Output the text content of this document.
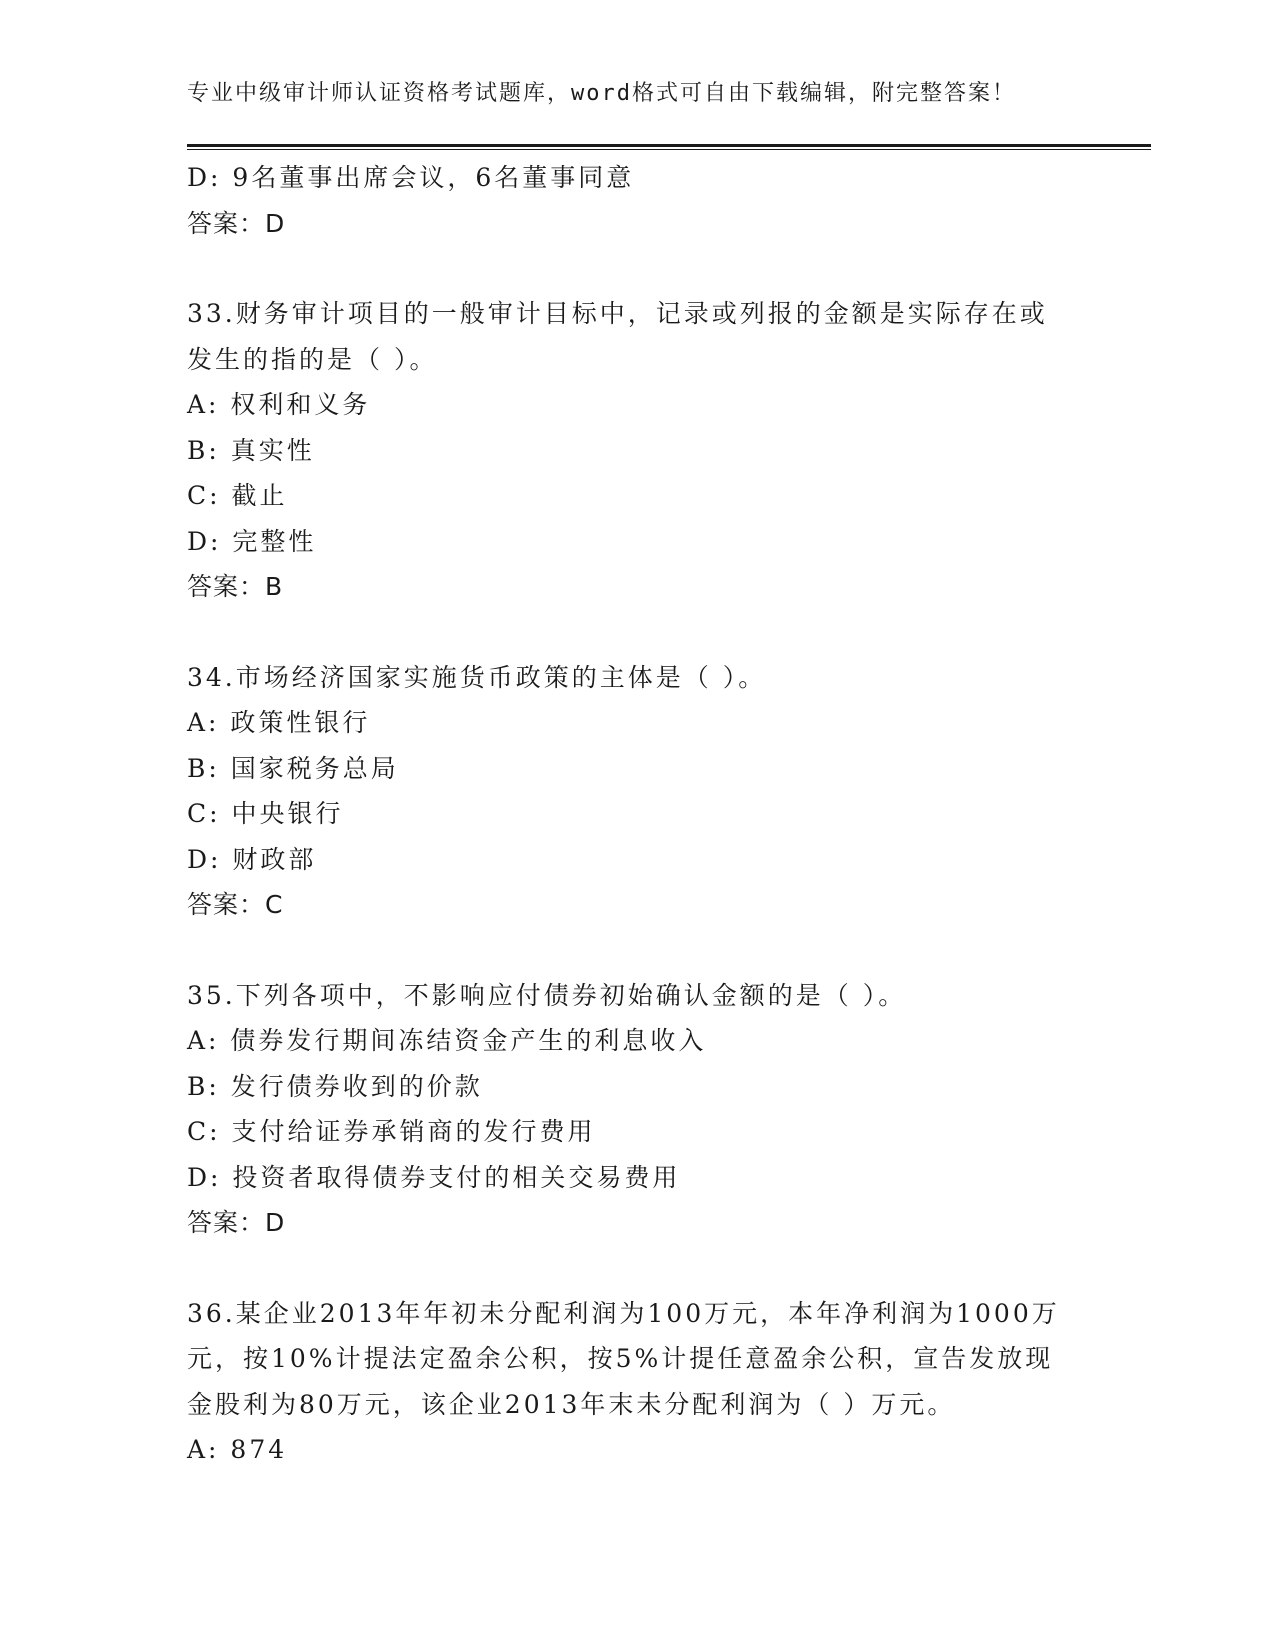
专业中级审计师认证资格考试题库，word格式可自由下载编辑，附完整答案！
D: 9名董事出席会议，6名董事同意
答案：D
33.财务审计项目的一般审计目标中，记录或列报的金额是实际存在或
发生的指的是（ ）。
A: 权利和义务
B: 真实性
C: 截止
D: 完整性
答案：B
34.市场经济国家实施货币政策的主体是（ ）。
A: 政策性银行
B: 国家税务总局
C: 中央银行
D: 财政部
答案：C
35.下列各项中，不影响应付债券初始确认金额的是（ ）。
A: 债券发行期间冻结资金产生的利息收入
B: 发行债券收到的价款
C: 支付给证券承销商的发行费用
D: 投资者取得债券支付的相关交易费用
答案：D
36.某企业2013年年初未分配利润为100万元，本年净利润为1000万
元，按10%计提法定盈余公积，按5%计提任意盈余公积，宣告发放现
金股利为80万元，该企业2013年末未分配利润为（ ）万元。
A: 874
